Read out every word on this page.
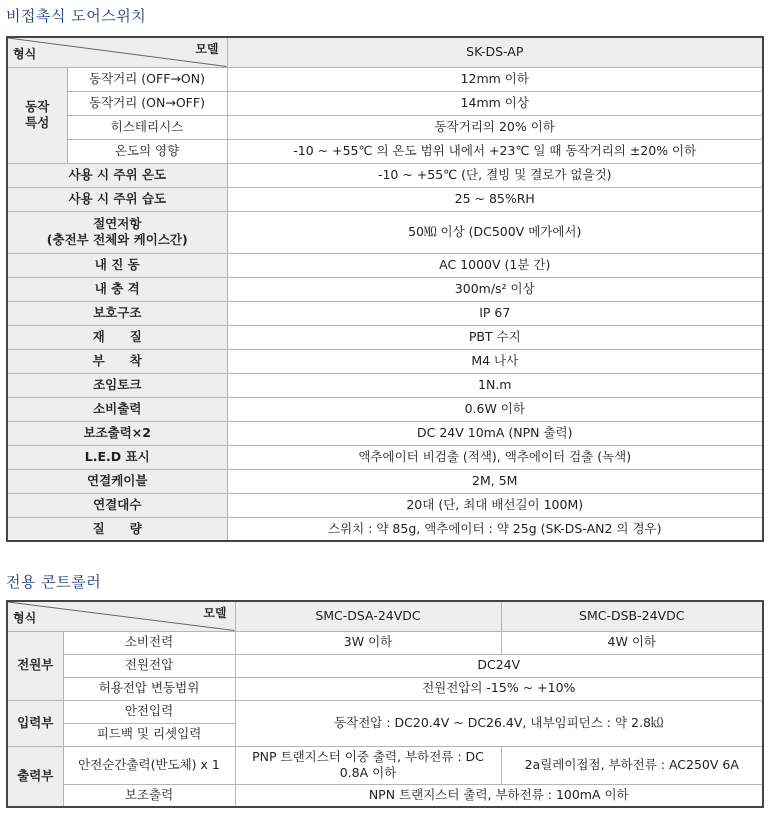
비접촉식 도어스위치
형식 모델		SK-DS-AP
동작
특성	동작거리 (OFF→ON)	12mm 이하
	동작거리 (ON→OFF)	14mm 이상
	히스테리시스	동작거리의 20% 이하
	온도의 영향	-10 ~ +55℃ 의 온도 범위 내에서 +23℃ 일 때 동작거리의 ±20% 이하
사용 시 주위 온도		-10 ~ +55℃ (단, 결빙 및 결로가 없을것)
사용 시 주위 습도		25 ~ 85%RH
절연저항
(충전부 전체와 케이스간)		50㏁ 이상 (DC500V 메가에서)
내 진 동		AC 1000V (1분 간)
내 충 격		300m/s² 이상
보호구조		IP 67
재　　질		PBT 수지
부　　착		M4 나사
조임토크		1N.m
소비출력		0.6W 이하
보조출력×2		DC 24V 10mA (NPN 출력)
L.E.D 표시		액추에이터 비검출 (적색), 액추에이터 검출 (녹색)
연결케이블		2M, 5M
연결대수		20대 (단, 최대 배선길이 100M)
질　　량		스위치 : 약 85g, 액추에이터 : 약 25g (SK-DS-AN2 의 경우)
전용 콘트롤러
형식 모델		SMC-DSA-24VDC	SMC-DSB-24VDC
전원부	소비전력	3W 이하	4W 이하
	전원전압	DC24V	
	허용전압 변동범위	전원전압의 -15% ~ +10%	
입력부	안전입력	동작전압 : DC20.4V ~ DC26.4V, 내부임피던스 : 약 2.8㏀	
	피드백 및 리셋입력		
출력부	안전순간출력(반도체) x 1	PNP 트랜지스터 이중 출력, 부하전류 : DC 0.8A 이하	2a릴레이접점, 부하전류 : AC250V 6A
	보조출력	NPN 트랜지스터 출력, 부하전류 : 100mA 이하	
